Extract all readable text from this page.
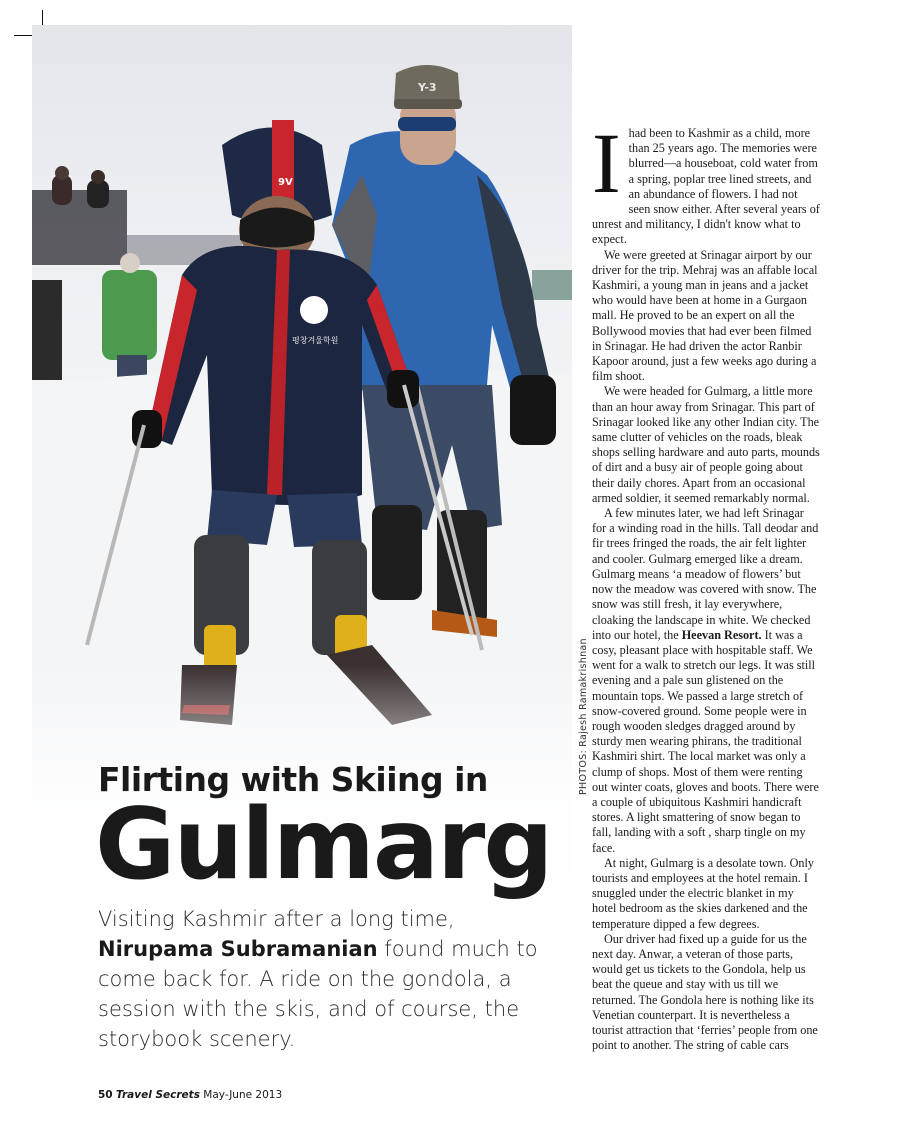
Y-3
9V
평창겨울학원
PHOTOS: Rajesh Ramakrishnan
Flirting with Skiing in
Gulmarg
Visiting Kashmir after a long time, Nirupama Subramanian found much to come back for. A ride on the gondola, a session with the skis, and of course, the storybook scenery.

I had been to Kashmir as a child, more than 25 years ago. The memories were blurred—a houseboat, cold water from a spring, poplar tree lined streets, and an abundance of flowers. I had not seen snow either. After several years of unrest and militancy, I didn't know what to expect.

We were greeted at Srinagar airport by our driver for the trip. Mehraj was an affable local Kashmiri, a young man in jeans and a jacket who would have been at home in a Gurgaon mall. He proved to be an expert on all the Bollywood movies that had ever been filmed in Srinagar. He had driven the actor Ranbir Kapoor around, just a few weeks ago during a film shoot.

We were headed for Gulmarg, a little more than an hour away from Srinagar. This part of Srinagar looked like any other Indian city. The same clutter of vehicles on the roads, bleak shops selling hardware and auto parts, mounds of dirt and a busy air of people going about their daily chores. Apart from an occasional armed soldier, it seemed remarkably normal.

A few minutes later, we had left Srinagar for a winding road in the hills. Tall deodar and fir trees fringed the roads, the air felt lighter and cooler. Gulmarg emerged like a dream. Gulmarg means ‘a meadow of flowers’ but now the meadow was covered with snow. The snow was still fresh, it lay everywhere, cloaking the landscape in white. We checked into our hotel, the Heevan Resort. It was a cosy, pleasant place with hospitable staff. We went for a walk to stretch our legs. It was still evening and a pale sun glistened on the mountain tops. We passed a large stretch of snow-covered ground. Some people were in rough wooden sledges dragged around by sturdy men wearing phirans, the traditional Kashmiri shirt. The local market was only a clump of shops. Most of them were renting out winter coats, gloves and boots. There were a couple of ubiquitous Kashmiri handicraft stores. A light smattering of snow began to fall, landing with a soft , sharp tingle on my face.

At night, Gulmarg is a desolate town. Only tourists and employees at the hotel remain. I snuggled under the electric blanket in my hotel bedroom as the skies darkened and the temperature dipped a few degrees.

Our driver had fixed up a guide for us the next day. Anwar, a veteran of those parts, would get us tickets to the Gondola, help us beat the queue and stay with us till we returned. The Gondola here is nothing like its Venetian counterpart. It is nevertheless a tourist attraction that ‘ferries’ people from one point to another. The string of cable cars

50 Travel Secrets May-June 2013
